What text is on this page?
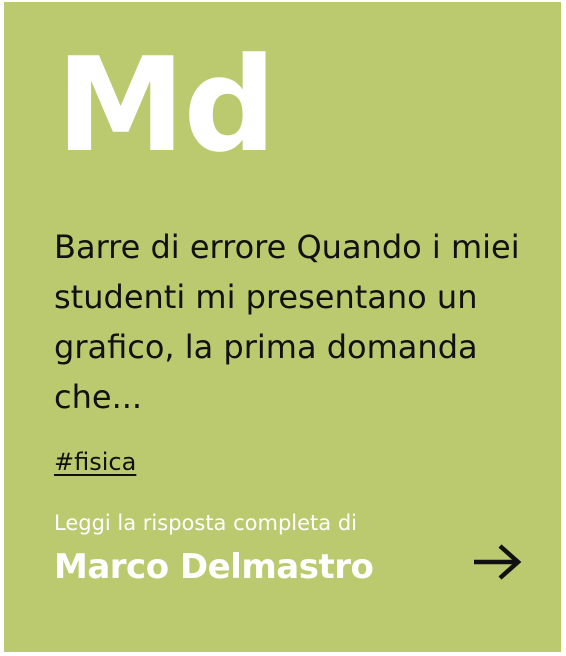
Md

Barre di errore Quando i miei studenti mi presentano un grafico, la prima domanda che...

#fisica
Leggi la risposta completa di
Marco Delmastro
